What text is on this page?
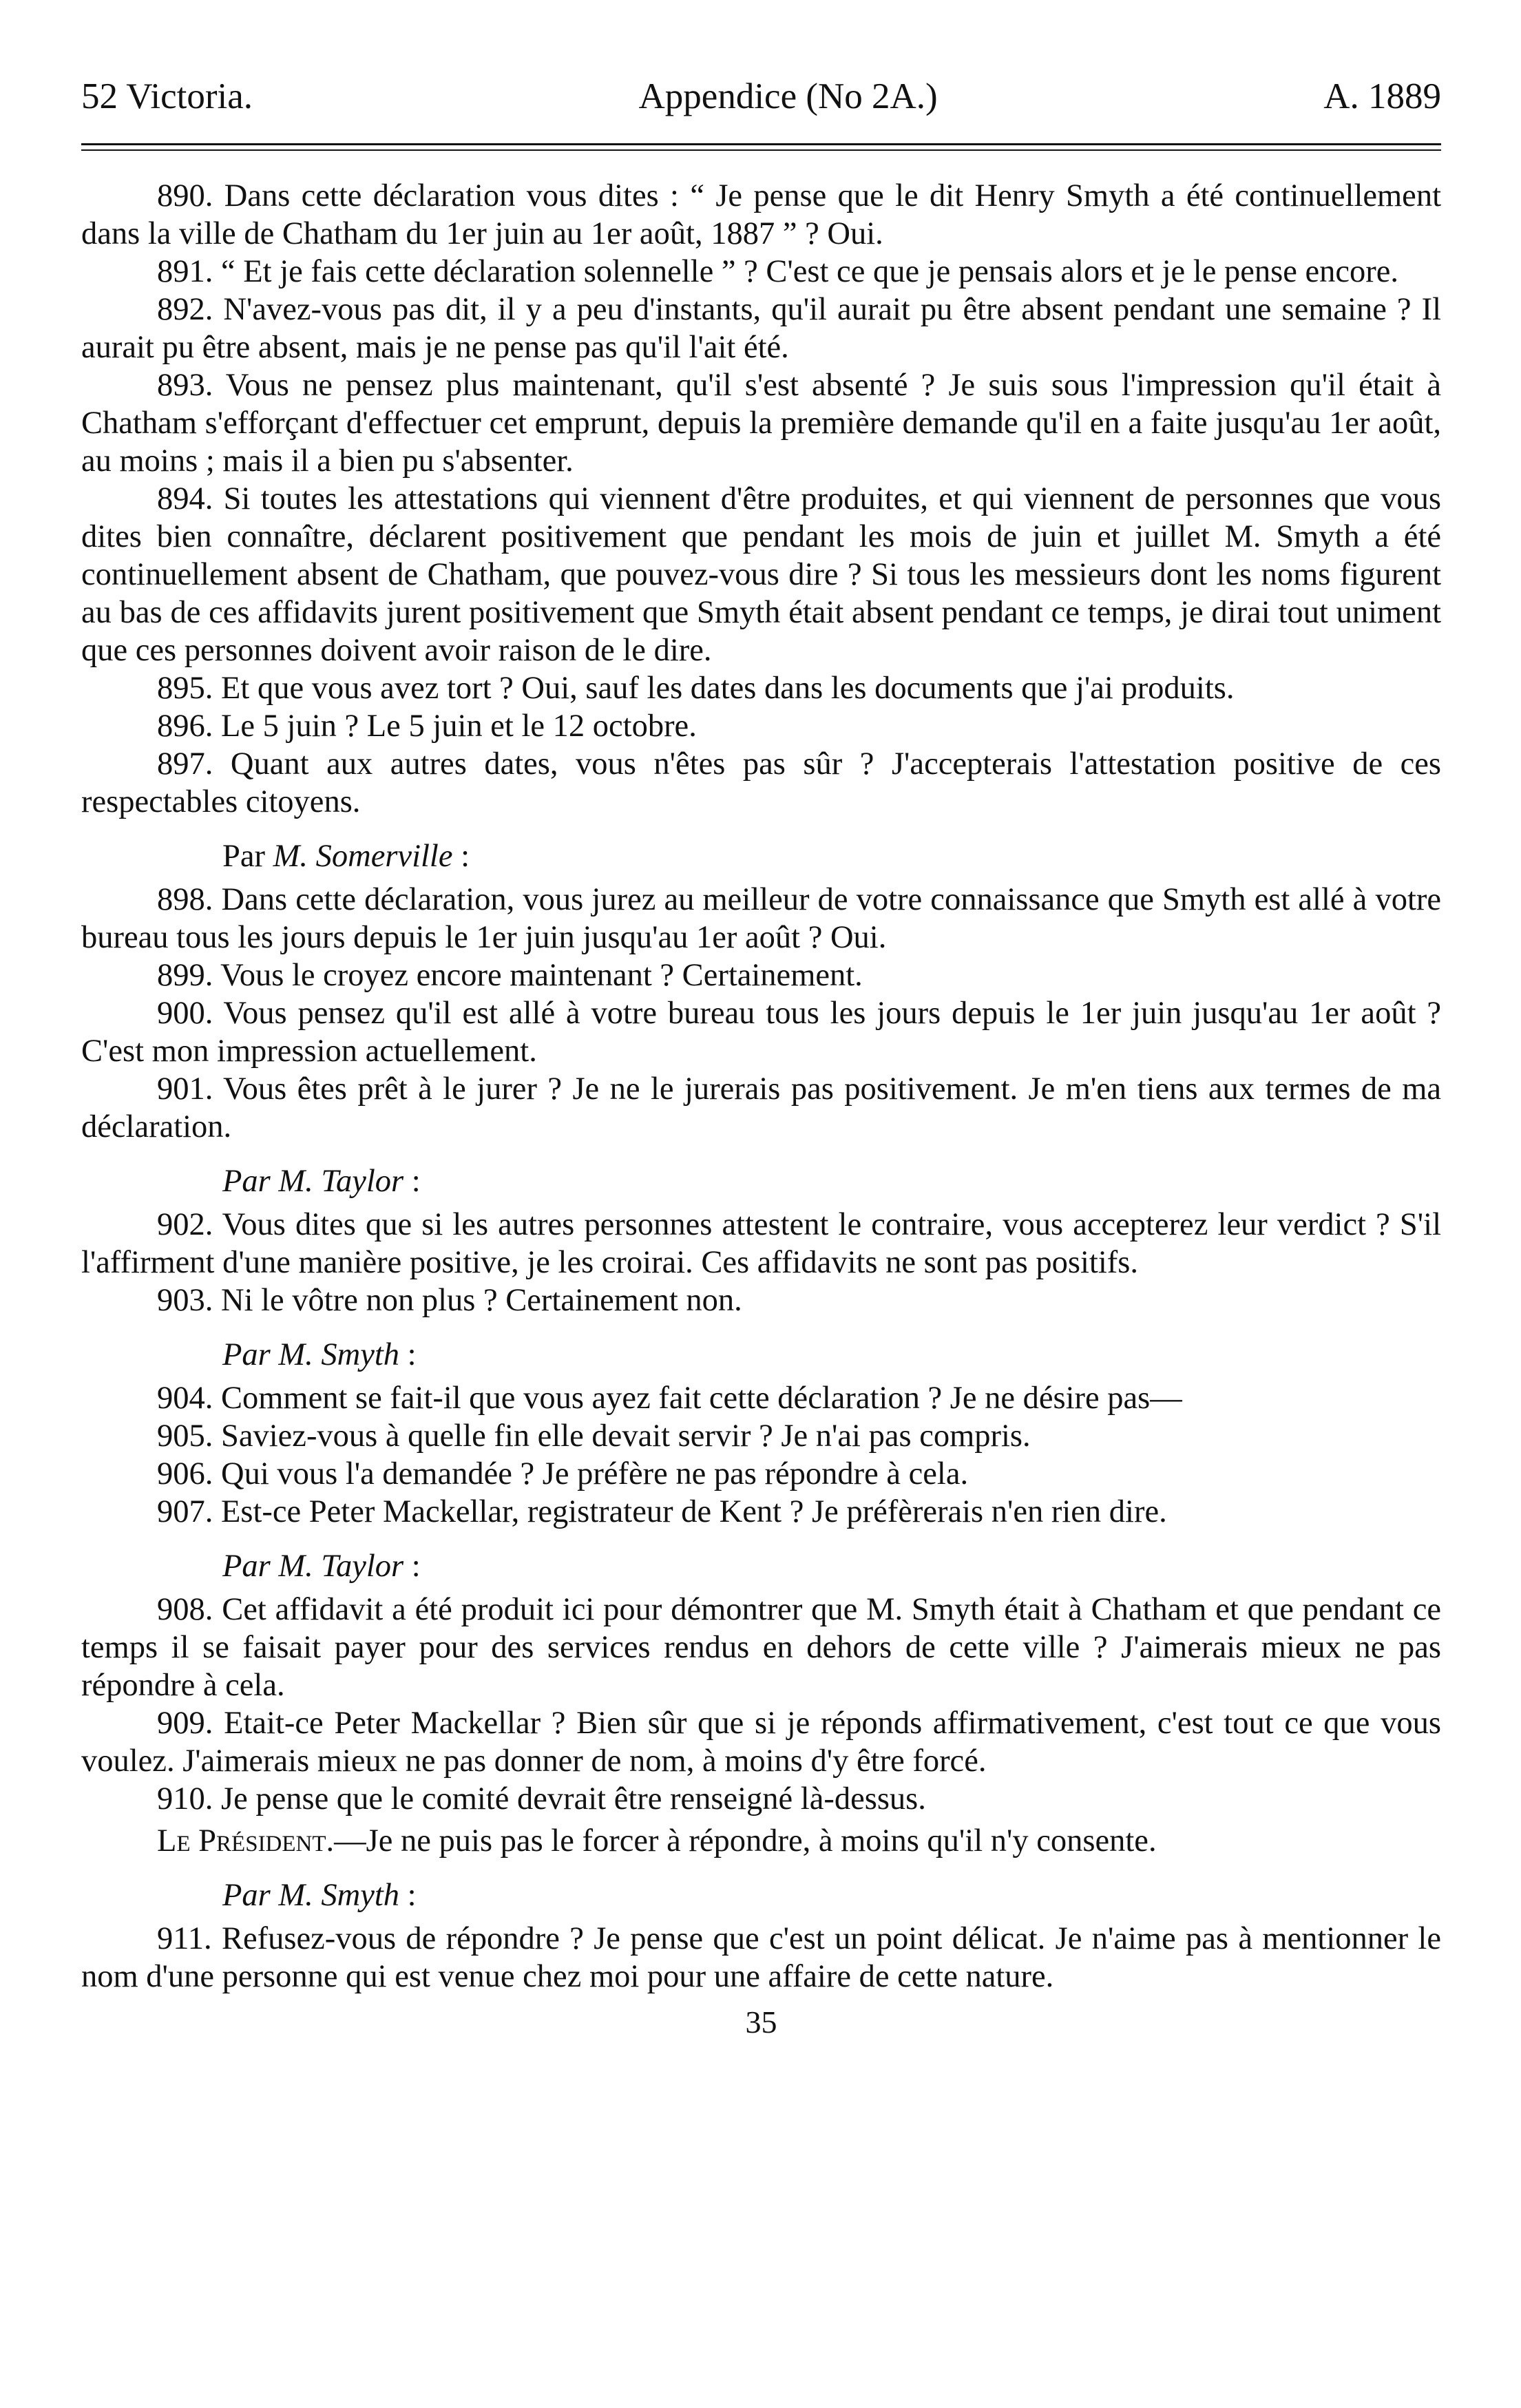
52 Victoria.	Appendice (No 2A.)	A. 1889

890. Dans cette déclaration vous dites : “ Je pense que le dit Henry Smyth a été continuellement dans la ville de Chatham du 1er juin au 1er août, 1887 ” ? Oui.

891. “ Et je fais cette déclaration solennelle ” ? C'est ce que je pensais alors et je le pense encore.

892. N'avez-vous pas dit, il y a peu d'instants, qu'il aurait pu être absent pendant une semaine ? Il aurait pu être absent, mais je ne pense pas qu'il l'ait été.

893. Vous ne pensez plus maintenant, qu'il s'est absenté ? Je suis sous l'impression qu'il était à Chatham s'efforçant d'effectuer cet emprunt, depuis la première demande qu'il en a faite jusqu'au 1er août, au moins ; mais il a bien pu s'absenter.

894. Si toutes les attestations qui viennent d'être produites, et qui viennent de personnes que vous dites bien connaître, déclarent positivement que pendant les mois de juin et juillet M. Smyth a été continuellement absent de Chatham, que pouvez-vous dire ? Si tous les messieurs dont les noms figurent au bas de ces affidavits jurent positivement que Smyth était absent pendant ce temps, je dirai tout uniment que ces personnes doivent avoir raison de le dire.

895. Et que vous avez tort ? Oui, sauf les dates dans les documents que j'ai produits.

896. Le 5 juin ? Le 5 juin et le 12 octobre.

897. Quant aux autres dates, vous n'êtes pas sûr ? J'accepterais l'attestation positive de ces respectables citoyens.

Par M. Somerville :

898. Dans cette déclaration, vous jurez au meilleur de votre connaissance que Smyth est allé à votre bureau tous les jours depuis le 1er juin jusqu'au 1er août ? Oui.

899. Vous le croyez encore maintenant ? Certainement.

900. Vous pensez qu'il est allé à votre bureau tous les jours depuis le 1er juin jusqu'au 1er août ? C'est mon impression actuellement.

901. Vous êtes prêt à le jurer ? Je ne le jurerais pas positivement. Je m'en tiens aux termes de ma déclaration.

Par M. Taylor :

902. Vous dites que si les autres personnes attestent le contraire, vous accepterez leur verdict ? S'il l'affirment d'une manière positive, je les croirai. Ces affidavits ne sont pas positifs.

903. Ni le vôtre non plus ? Certainement non.

Par M. Smyth :

904. Comment se fait-il que vous ayez fait cette déclaration ? Je ne désire pas—

905. Saviez-vous à quelle fin elle devait servir ? Je n'ai pas compris.

906. Qui vous l'a demandée ? Je préfère ne pas répondre à cela.

907. Est-ce Peter Mackellar, registrateur de Kent ? Je préfèrerais n'en rien dire.

Par M. Taylor :

908. Cet affidavit a été produit ici pour démontrer que M. Smyth était à Chatham et que pendant ce temps il se faisait payer pour des services rendus en dehors de cette ville ? J'aimerais mieux ne pas répondre à cela.

909. Etait-ce Peter Mackellar ? Bien sûr que si je réponds affirmativement, c'est tout ce que vous voulez. J'aimerais mieux ne pas donner de nom, à moins d'y être forcé.

910. Je pense que le comité devrait être renseigné là-dessus.

Le Président.—Je ne puis pas le forcer à répondre, à moins qu'il n'y consente.

Par M. Smyth :

911. Refusez-vous de répondre ? Je pense que c'est un point délicat. Je n'aime pas à mentionner le nom d'une personne qui est venue chez moi pour une affaire de cette nature.

35
